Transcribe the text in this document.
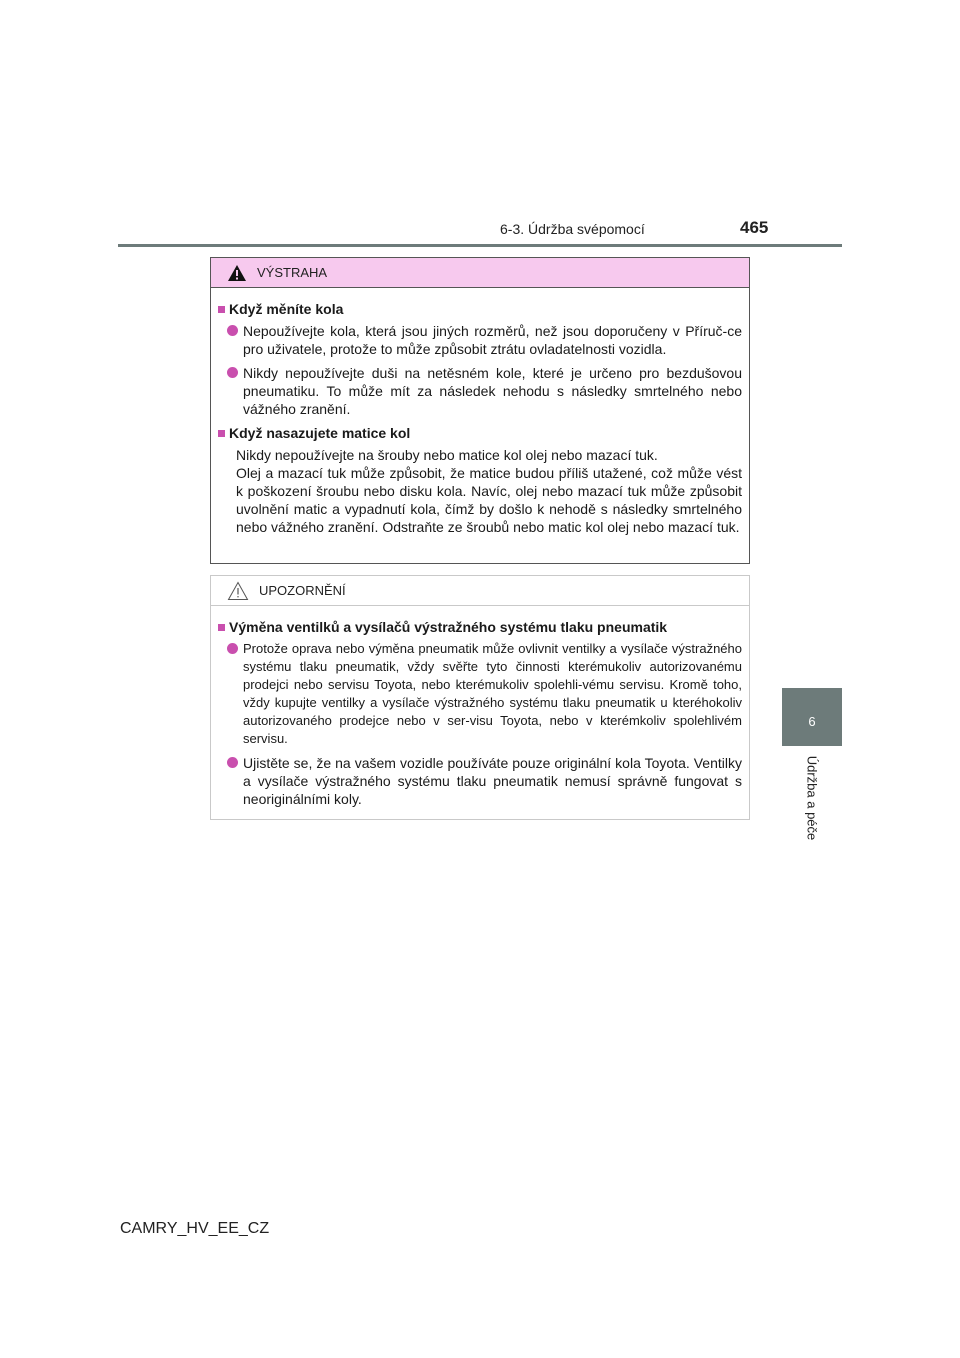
6-3. Údržba svépomocí	465
6
Údržba a péče
VÝSTRAHA
Když měníte kola
Nepoužívejte kola, která jsou jiných rozměrů, než jsou doporučeny v Příruč-ce pro uživatele, protože to může způsobit ztrátu ovladatelnosti vozidla.
Nikdy nepoužívejte duši na netěsném kole, které je určeno pro bezdušovou pneumatiku. To může mít za následek nehodu s následky smrtelného nebo vážného zranění.
Když nasazujete matice kol
Nikdy nepoužívejte na šrouby nebo matice kol olej nebo mazací tuk.
Olej a mazací tuk může způsobit, že matice budou příliš utažené, což může vést k poškození šroubu nebo disku kola. Navíc, olej nebo mazací tuk může způsobit uvolnění matic a vypadnutí kola, čímž by došlo k nehodě s následky smrtelného nebo vážného zranění. Odstraňte ze šroubů nebo matic kol olej nebo mazací tuk.
UPOZORNĚNÍ
Výměna ventilků a vysílačů výstražného systému tlaku pneumatik
Protože oprava nebo výměna pneumatik může ovlivnit ventilky a vysílače výstražného systému tlaku pneumatik, vždy svěřte tyto činnosti kterémukoliv autorizovanému prodejci nebo servisu Toyota, nebo kterémukoliv spolehli-vému servisu. Kromě toho, vždy kupujte ventilky a vysílače výstražného systému tlaku pneumatik u kteréhokoliv autorizovaného prodejce nebo v ser-visu Toyota, nebo v kterémkoliv spolehlivém servisu.
Ujistěte se, že na vašem vozidle používáte pouze originální kola Toyota. Ventilky a vysílače výstražného systému tlaku pneumatik nemusí správně fungovat s neoriginálními koly.
CAMRY_HV_EE_CZ
